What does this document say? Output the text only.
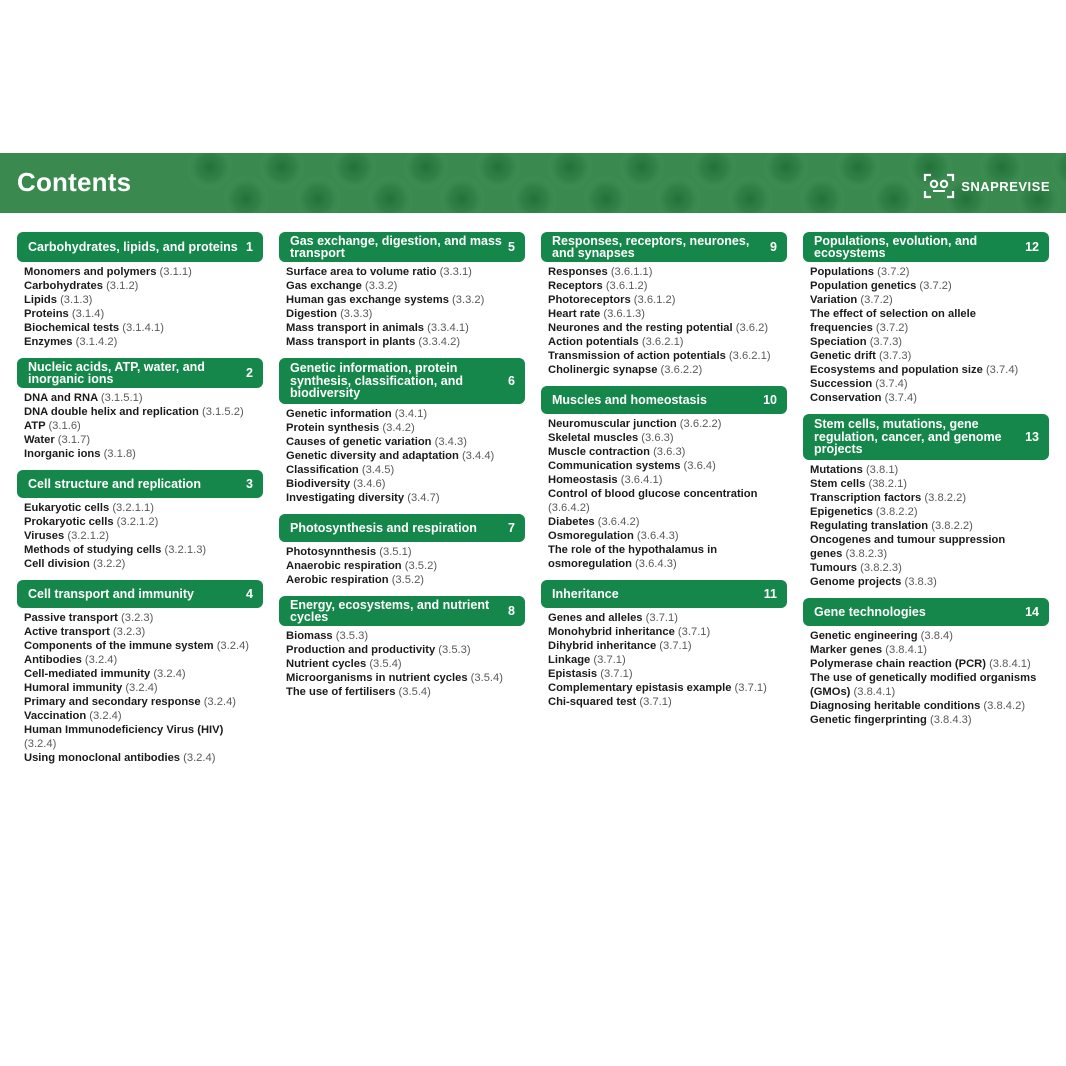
Contents	SNAPREVISE
Carbohydrates, lipids, and proteins 1
Monomers and polymers (3.1.1)
Carbohydrates (3.1.2)
Lipids (3.1.3)
Proteins (3.1.4)
Biochemical tests (3.1.4.1)
Enzymes (3.1.4.2)
Nucleic acids, ATP, water, and inorganic ions	2
DNA and RNA (3.1.5.1)
DNA double helix and replication (3.1.5.2)
ATP (3.1.6)
Water (3.1.7)
Inorganic ions (3.1.8)
Cell structure and replication	3
Eukaryotic cells (3.2.1.1)
Prokaryotic cells (3.2.1.2)
Viruses (3.2.1.2)
Methods of studying cells (3.2.1.3)
Cell division (3.2.2)
Cell transport and immunity	4
Passive transport (3.2.3)
Active transport (3.2.3)
Components of the immune system (3.2.4)
Antibodies (3.2.4)
Cell-mediated immunity (3.2.4)
Humoral immunity (3.2.4)
Primary and secondary response (3.2.4)
Vaccination (3.2.4)
Human Immunodeficiency Virus (HIV) (3.2.4)
Using monoclonal antibodies (3.2.4)
Gas exchange, digestion, and mass transport	5
Surface area to volume ratio (3.3.1)
Gas exchange (3.3.2)
Human gas exchange systems (3.3.2)
Digestion (3.3.3)
Mass transport in animals (3.3.4.1)
Mass transport in plants (3.3.4.2)
Genetic information, protein synthesis, classification, and biodiversity
6
Genetic information (3.4.1)
Protein synthesis (3.4.2)
Causes of genetic variation (3.4.3)
Genetic diversity and adaptation (3.4.4)
Classification (3.4.5)
Biodiversity (3.4.6)
Investigating diversity (3.4.7)
Photosynthesis and respiration 7
Photosynnthesis (3.5.1)
Anaerobic respiration (3.5.2)
Aerobic respiration (3.5.2)
Energy, ecosystems, and nutrient cycles	8
Biomass (3.5.3)
Production and productivity (3.5.3)
Nutrient cycles (3.5.4)
Microorganisms in nutrient cycles (3.5.4)
The use of fertilisers (3.5.4)
Responses, receptors, neurones, and synapses	9
Responses (3.6.1.1)
Receptors (3.6.1.2)
Photoreceptors (3.6.1.2)
Heart rate (3.6.1.3)
Neurones and the resting potential (3.6.2)
Action potentials (3.6.2.1)
Transmission of action potentials (3.6.2.1)
Cholinergic synapse (3.6.2.2)
Muscles and homeostasis	10
Neuromuscular junction (3.6.2.2)
Skeletal muscles (3.6.3)
Muscle contraction (3.6.3)
Communication systems (3.6.4)
Homeostasis (3.6.4.1)
Control of blood glucose concentration (3.6.4.2)
Diabetes (3.6.4.2)
Osmoregulation (3.6.4.3)
The role of the hypothalamus in osmoregulation (3.6.4.3)
Inheritance	11
Genes and alleles (3.7.1)
Monohybrid inheritance (3.7.1)
Dihybrid inheritance (3.7.1)
Linkage (3.7.1)
Epistasis (3.7.1)
Complementary epistasis example (3.7.1)
Chi-squared test (3.7.1)
Populations, evolution, and ecosystems	12
Populations (3.7.2)
Population genetics (3.7.2)
Variation (3.7.2)
The effect of selection on allele frequencies (3.7.2)
Speciation (3.7.3)
Genetic drift (3.7.3)
Ecosystems and population size (3.7.4)
Succession (3.7.4)
Conservation (3.7.4)
Stem cells, mutations, gene regulation, cancer, and genome projects
13
Mutations (3.8.1)
Stem cells (38.2.1)
Transcription factors (3.8.2.2)
Epigenetics (3.8.2.2)
Regulating translation (3.8.2.2)
Oncogenes and tumour suppression genes (3.8.2.3)
Tumours (3.8.2.3)
Genome projects (3.8.3)
Gene technologies	14
Genetic engineering (3.8.4)
Marker genes (3.8.4.1)
Polymerase chain reaction (PCR) (3.8.4.1)
The use of genetically modified organisms (GMOs) (3.8.4.1)
Diagnosing heritable conditions (3.8.4.2)
Genetic fingerprinting (3.8.4.3)
